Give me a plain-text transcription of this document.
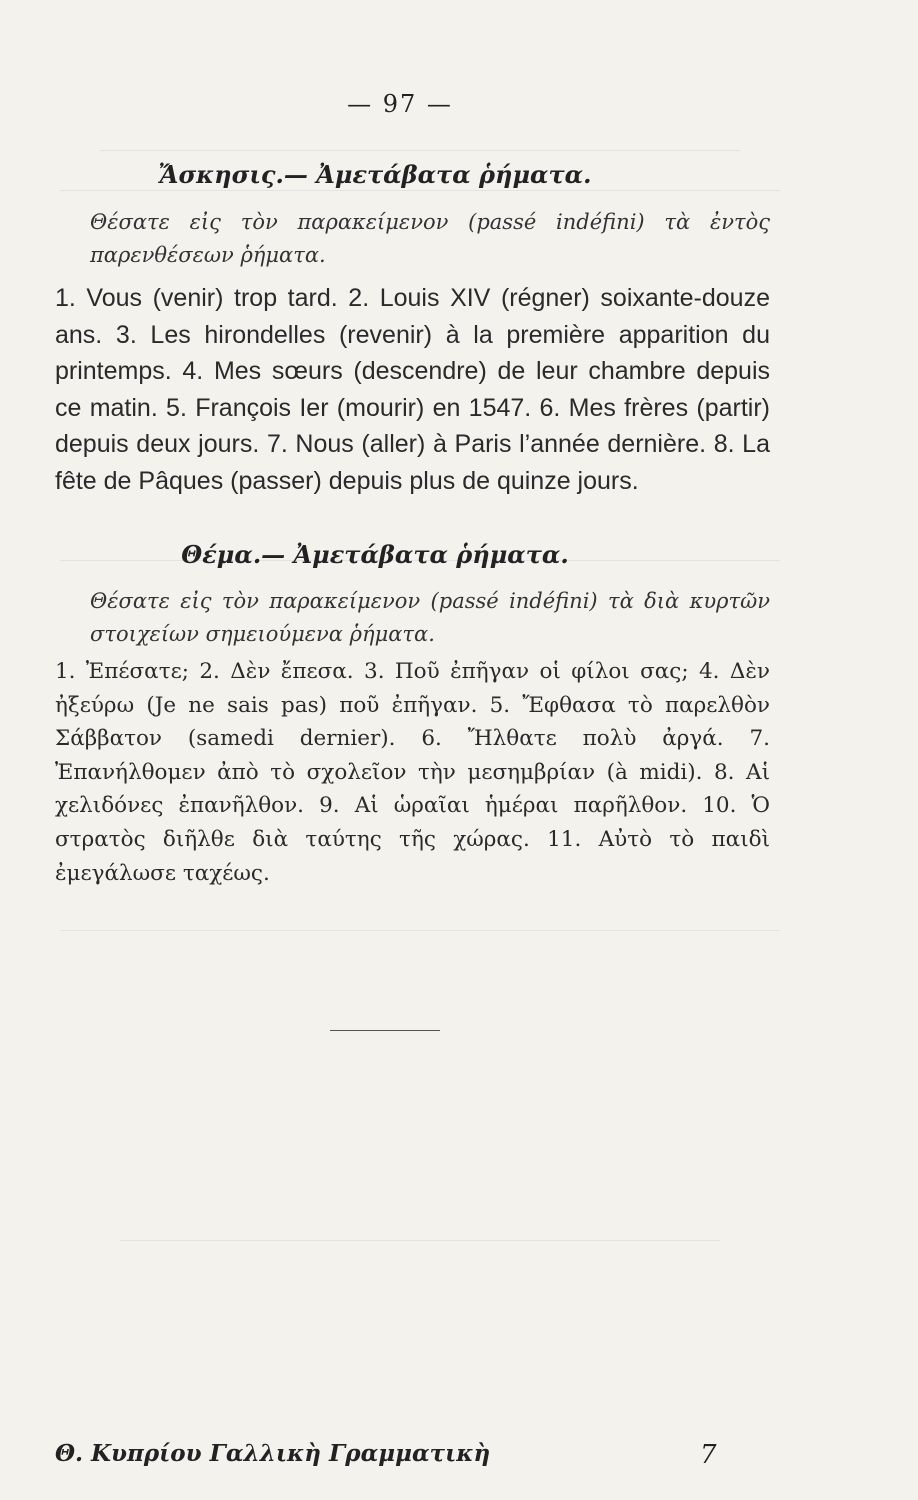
— 97 —
Ἄσκησις.— Ἀμετάβατα ῥήματα.
Θέσατε εἰς τὸν παρακείμενον (passé indéfini) τὰ ἐντὸς παρενθέσεων ῥήματα.
1. Vous (venir) trop tard. 2. Louis XIV (régner) soixante-douze ans. 3. Les hirondelles (revenir) à la première apparition du printemps. 4. Mes sœurs (descendre) de leur chambre depuis ce matin. 5. François Ier (mourir) en 1547. 6. Mes frères (partir) depuis deux jours. 7. Nous (aller) à Paris l’année dernière. 8. La fête de Pâques (passer) depuis plus de quinze jours.
Θέμα.— Ἀμετάβατα ῥήματα.
Θέσατε εἰς τὸν παρακείμενον (passé indéfini) τὰ διὰ κυρτῶν στοιχείων σημειούμενα ῥήματα.
1. Ἐπέσατε; 2. Δὲν ἔπεσα. 3. Ποῦ ἐπῆγαν οἱ φίλοι σας; 4. Δὲν ἠξεύρω (Je ne sais pas) ποῦ ἐπῆγαν. 5. Ἔφθασα τὸ παρελθὸν Σάββατον (samedi dernier). 6. Ἤλθατε πολὺ ἀργά. 7. Ἐπανήλθομεν ἀπὸ τὸ σχολεῖον τὴν μεσημβρίαν (à midi). 8. Αἱ χελιδόνες ἐπανῆλθον. 9. Αἱ ὡραῖαι ἡμέραι παρῆλθον. 10. Ὁ στρατὸς διῆλθε διὰ ταύτης τῆς χώρας. 11. Αὐτὸ τὸ παιδὶ ἐμεγάλωσε ταχέως.
Θ. Κυπρίου Γαλλικὴ Γραμματικὴ	7
